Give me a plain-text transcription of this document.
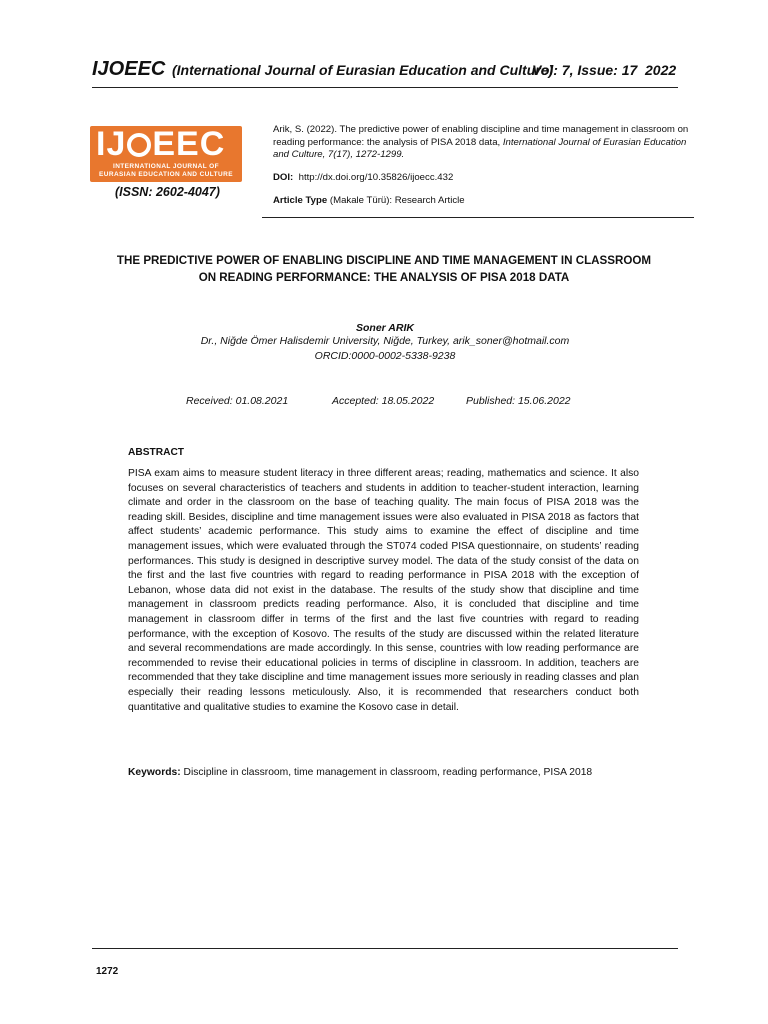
IJOEEC (International Journal of Eurasian Education and Culture)
Vol: 7, Issue: 17 2022
IJ EEC
INTERNATIONAL JOURNAL OF
EURASIAN EDUCATION AND CULTURE
(ISSN: 2602-4047)
Arik, S. (2022). The predictive power of enabling discipline and time management in classroom on reading performance: the analysis of PISA 2018 data, International Journal of Eurasian Education and Culture, 7(17), 1272-1299.
DOI: http://dx.doi.org/10.35826/ijoecc.432
Article Type (Makale Türü): Research Article
THE PREDICTIVE POWER OF ENABLING DISCIPLINE AND TIME MANAGEMENT IN CLASSROOM ON READING PERFORMANCE: THE ANALYSIS OF PISA 2018 DATA
Soner ARIK
Dr., Niğde Ömer Halisdemir University, Niğde, Turkey, arik_soner@hotmail.com
ORCID:0000-0002-5338-9238
Received: 01.08.2021	Accepted: 18.05.2022	Published: 15.06.2022
ABSTRACT
PISA exam aims to measure student literacy in three different areas; reading, mathematics and science. It also focuses on several characteristics of teachers and students in addition to teacher-student interaction, learning climate and order in the classroom on the base of teaching quality. The main focus of PISA 2018 was the reading skill. Besides, discipline and time management issues were also evaluated in PISA 2018 as factors that affect students’ academic performance. This study aims to examine the effect of discipline and time management issues, which were evaluated through the ST074 coded PISA questionnaire, on students’ reading performances. This study is designed in descriptive survey model. The data of the study consist of the data on the first and the last five countries with regard to reading performance in PISA 2018 with the exception of Lebanon, whose data did not exist in the database. The results of the study show that discipline and time management in classroom predicts reading performance. Also, it is concluded that discipline and time management in classroom differ in terms of the first and the last five countries with regard to reading performance, with the exception of Kosovo. The results of the study are discussed within the related literature and several recommendations are made accordingly. In this sense, countries with low reading performance are recommended to revise their educational policies in terms of discipline in classroom. In addition, teachers are recommended that they take discipline and time management issues more seriously in reading classes and plan especially their reading lessons meticulously. Also, it is recommended that researchers conduct both quantitative and qualitative studies to examine the Kosovo case in detail.
Keywords: Discipline in classroom, time management in classroom, reading performance, PISA 2018
1272
